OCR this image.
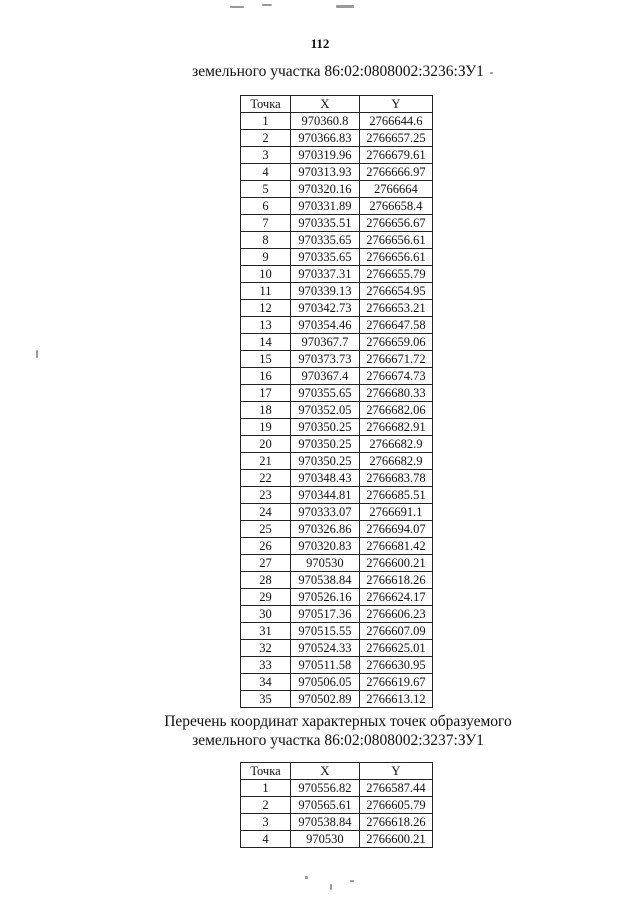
112
земельного участка 86:02:0808002:3236:ЗУ1
Точка	X	Y
1	970360.8	2766644.6
2	970366.83	2766657.25
3	970319.96	2766679.61
4	970313.93	2766666.97
5	970320.16	2766664
6	970331.89	2766658.4
7	970335.51	2766656.67
8	970335.65	2766656.61
9	970335.65	2766656.61
10	970337.31	2766655.79
11	970339.13	2766654.95
12	970342.73	2766653.21
13	970354.46	2766647.58
14	970367.7	2766659.06
15	970373.73	2766671.72
16	970367.4	2766674.73
17	970355.65	2766680.33
18	970352.05	2766682.06
19	970350.25	2766682.91
20	970350.25	2766682.9
21	970350.25	2766682.9
22	970348.43	2766683.78
23	970344.81	2766685.51
24	970333.07	2766691.1
25	970326.86	2766694.07
26	970320.83	2766681.42
27	970530	2766600.21
28	970538.84	2766618.26
29	970526.16	2766624.17
30	970517.36	2766606.23
31	970515.55	2766607.09
32	970524.33	2766625.01
33	970511.58	2766630.95
34	970506.05	2766619.67
35	970502.89	2766613.12
Перечень координат характерных точек образуемого
земельного участка 86:02:0808002:3237:ЗУ1
Точка	X	Y
1	970556.82	2766587.44
2	970565.61	2766605.79
3	970538.84	2766618.26
4	970530	2766600.21
